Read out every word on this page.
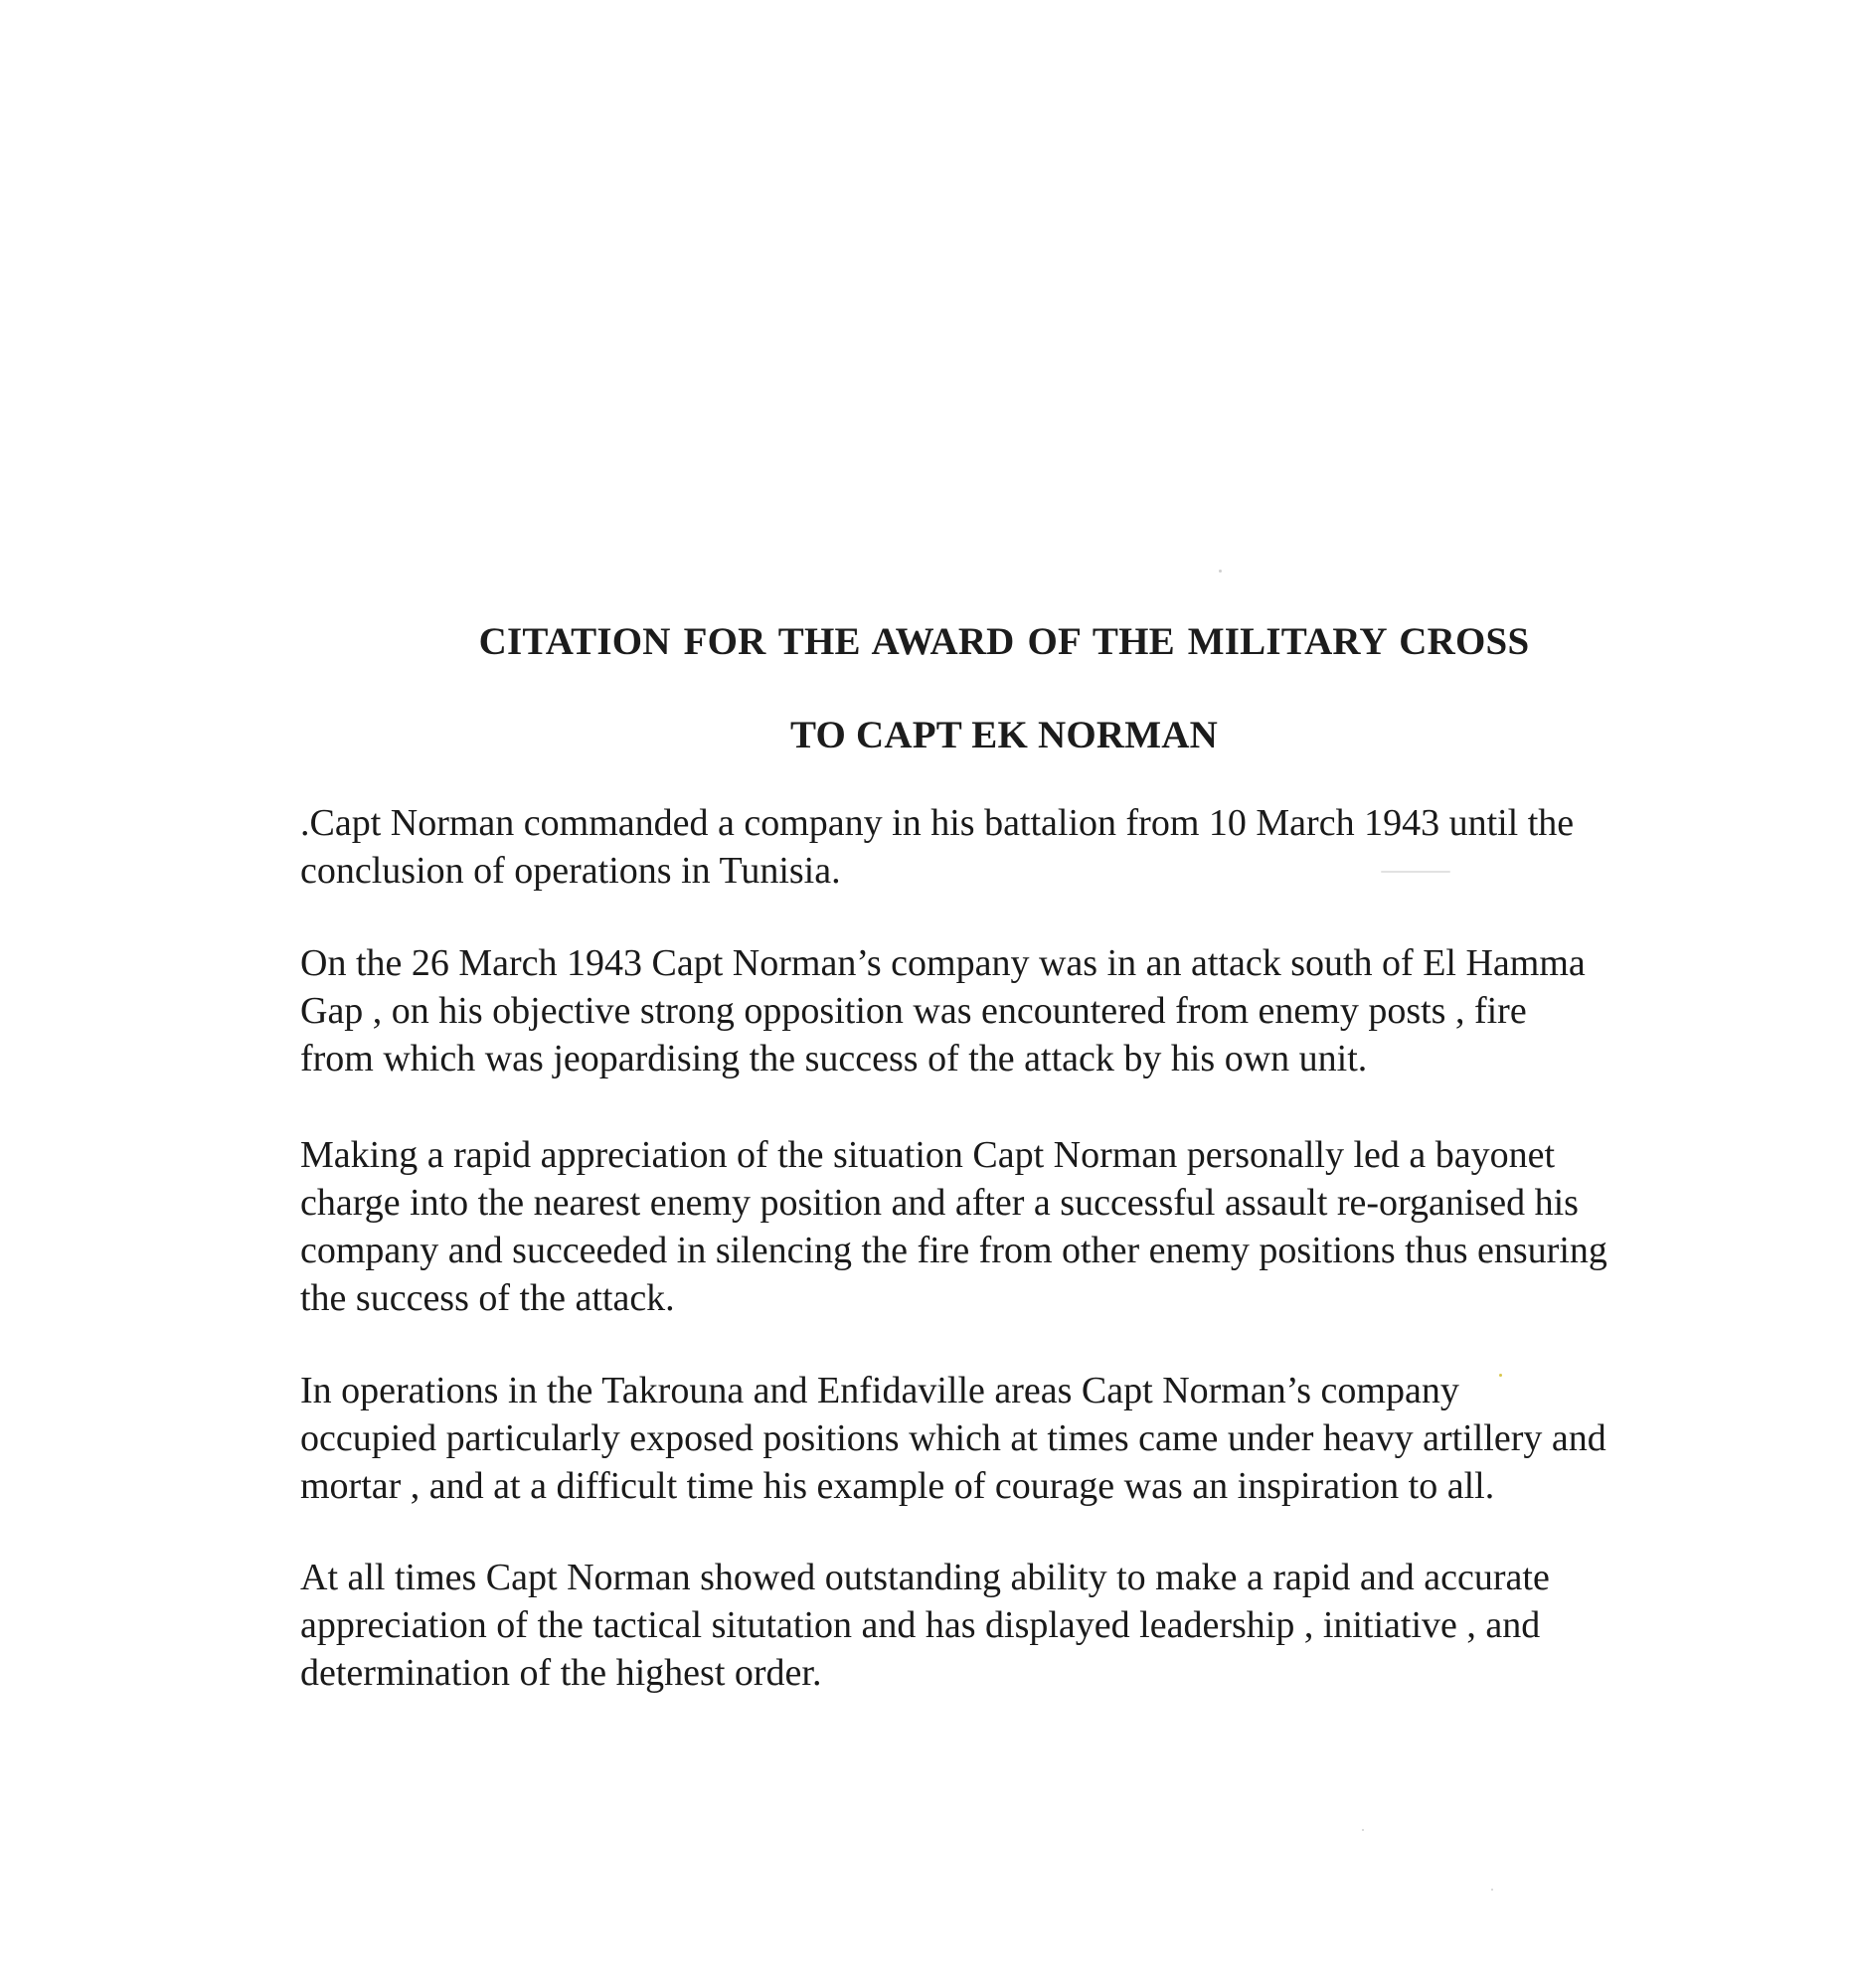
CITATION FOR THE AWARD OF THE MILITARY CROSS
TO CAPT EK NORMAN

.Capt Norman commanded a company in his battalion from 10 March 1943 until the
conclusion of operations in Tunisia.

On the 26 March 1943 Capt Norman’s company was in an attack south of El Hamma
Gap , on his objective strong opposition was encountered from enemy posts , fire
from which was jeopardising the success of the attack by his own unit.

Making a rapid appreciation of the situation Capt Norman personally led a bayonet
charge into the nearest enemy position and after a successful assault re-organised his
company and succeeded in silencing the fire from other enemy positions thus ensuring
the success of the attack.

In operations in the Takrouna and Enfidaville areas Capt Norman’s company
occupied particularly exposed positions which at times came under heavy artillery and
mortar , and at a difficult time his example of courage was an inspiration to all.

At all times Capt Norman showed outstanding ability to make a rapid and accurate
appreciation of the tactical situtation and has displayed leadership , initiative , and
determination of the highest order.
